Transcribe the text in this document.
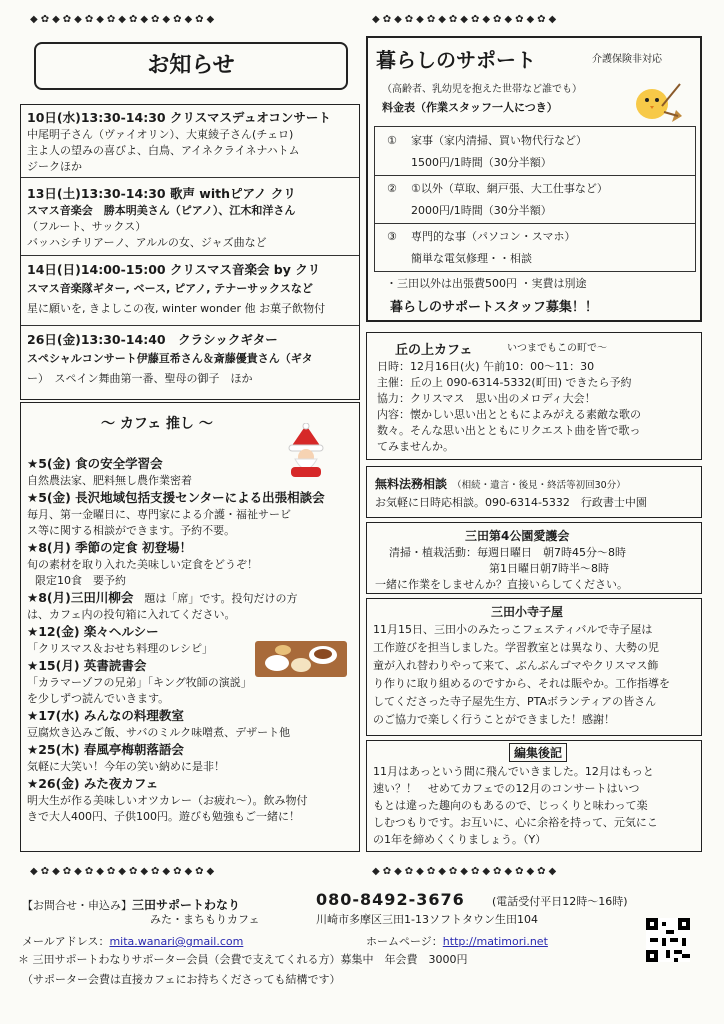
◆✿◆✿◆✿◆✿◆✿◆✿◆✿◆✿◆	◆✿◆✿◆✿◆✿◆✿◆✿◆✿◆✿◆
お知らせ
10日(水)13:30-14:30 クリスマスデュオコンサート
中尾明子さん（ヴァイオリン）、大東綾子さん(チェロ)
主よ人の望みの喜びよ、白鳥、アイネクライネナハトム
ジークほか
13日(土)13:30-14:30 歌声 withピアノ クリ
スマス音楽会　勝本明美さん（ピアノ）、江木和洋さん
（フルート、サックス）
バッハシチリアーノ、アルルの女、ジャズ曲など
14日(日)14:00-15:00 クリスマス音楽会 by クリ
スマス音楽隊ギター, ベース, ピアノ, テナーサックスなど
星に願いを, きよしこの夜, winter wonder 他 お菓子飲物付
26日(金)13:30-14:40　クラシックギター
スペシャルコンサート伊藤亘希さん＆斎藤優貴さん（ギタ
ー）　スペイン舞曲第一番、聖母の御子　ほか
～ カフェ 推し ～
★5(金) 食の安全学習会
自然農法家、肥料無し農作業密着
★5(金) 長沢地域包括支援センターによる出張相談会
毎月、第一金曜日に、専門家による介護・福祉サービ
ス等に関する相談ができます。予約不要。
★8(月) 季節の定食 初登場！
旬の素材を取り入れた美味しい定食をどうぞ！
限定10食　要予約
★8(月)三田川柳会　題は「席」です。投句だけの方
は、カフェ内の投句箱に入れてください。
★12(金) 楽々ヘルシー
「クリスマス＆おせち料理のレシピ」
★15(月) 英書読書会
「カラマーゾフの兄弟」「キング牧師の演説」
を少しずつ読んでいきます。
★17(水) みんなの料理教室
豆腐炊き込みご飯、サバのミルク味噌煮、デザート他
★25(木) 春風亭梅朝落語会
気軽に大笑い！今年の笑い納めに是非！
★26(金) みた夜カフェ
明大生が作る美味しいオツカレー（お疲れ～）。飲み物付
きで大人400円、子供100円。遊びも勉強もご一緒に！
暮らしのサポート	介護保険非対応
（高齢者、乳幼児を抱えた世帯など誰でも）
料金表（作業スタッフ一人につき）
① 家事（家内清掃、買い物代行など）
1500円/1時間（30分半額）
② ①以外（草取、網戸張、大工仕事など）
2000円/1時間（30分半額）
③ 専門的な事（パソコン・スマホ）
簡単な電気修理・・相談
・三田以外は出張費500円 ・実費は別途
暮らしのサポートスタッフ募集！！
丘の上カフェ	いつまでもこの町で～
日時：12月16日(火) 午前10：00～11：30
主催：丘の上 090-6314-5332(町田) できたら予約
協力：クリスマス　思い出のメロディ大会！
内容：懐かしい思い出とともによみがえる素敵な歌の
数々。そんな思い出とともにリクエスト曲を皆で歌っ
てみませんか。
無料法務相談 （相続・遺言・後見・終活等初回30分）
お気軽に日時応相談。090-6314-5332　行政書士中園
三田第4公園愛護会
清掃・植栽活動：毎週日曜日　朝7時45分～8時
第1日曜日朝7時半～8時
一緒に作業をしませんか？直接いらしてください。
三田小寺子屋
11月15日、三田小のみたっこフェスティバルで寺子屋は
工作遊びを担当しました。学習教室とは異なり、大勢の児
童が入れ替わりやって来て、ぶんぶんゴマやクリスマス飾
り作りに取り組めるのですから、それは賑やか。工作指導を
してくださった寺子屋先生方、PTAボランティアの皆さん
のご協力で楽しく行うことができました！感謝！
編集後記
11月はあっという間に飛んでいきました。12月はもっと
速い？！　せめてカフェでの12月のコンサートはいつ
もとは違った趣向のもあるので、じっくりと味わって楽
しむつもりです。お互いに、心に余裕を持って、元気にこ
の1年を締めくくりましょう。（Y）
◆✿◆✿◆✿◆✿◆✿◆✿◆✿◆✿◆	◆✿◆✿◆✿◆✿◆✿◆✿◆✿◆✿◆
【お問合せ・申込み】三田サポートわなり	080-8492-3676 (電話受付平日12時～16時)
みた・まちもりカフェ	川崎市多摩区三田1-13ソフトタウン生田104
メールアドレス：mita.wanari@gmail.com	ホームページ：http://matimori.net
＊ 三田サポートわなりサポーター会員（会費で支えてくれる方）募集中　年会費　3000円
（サポーター会費は直接カフェにお持ちくださっても結構です）
